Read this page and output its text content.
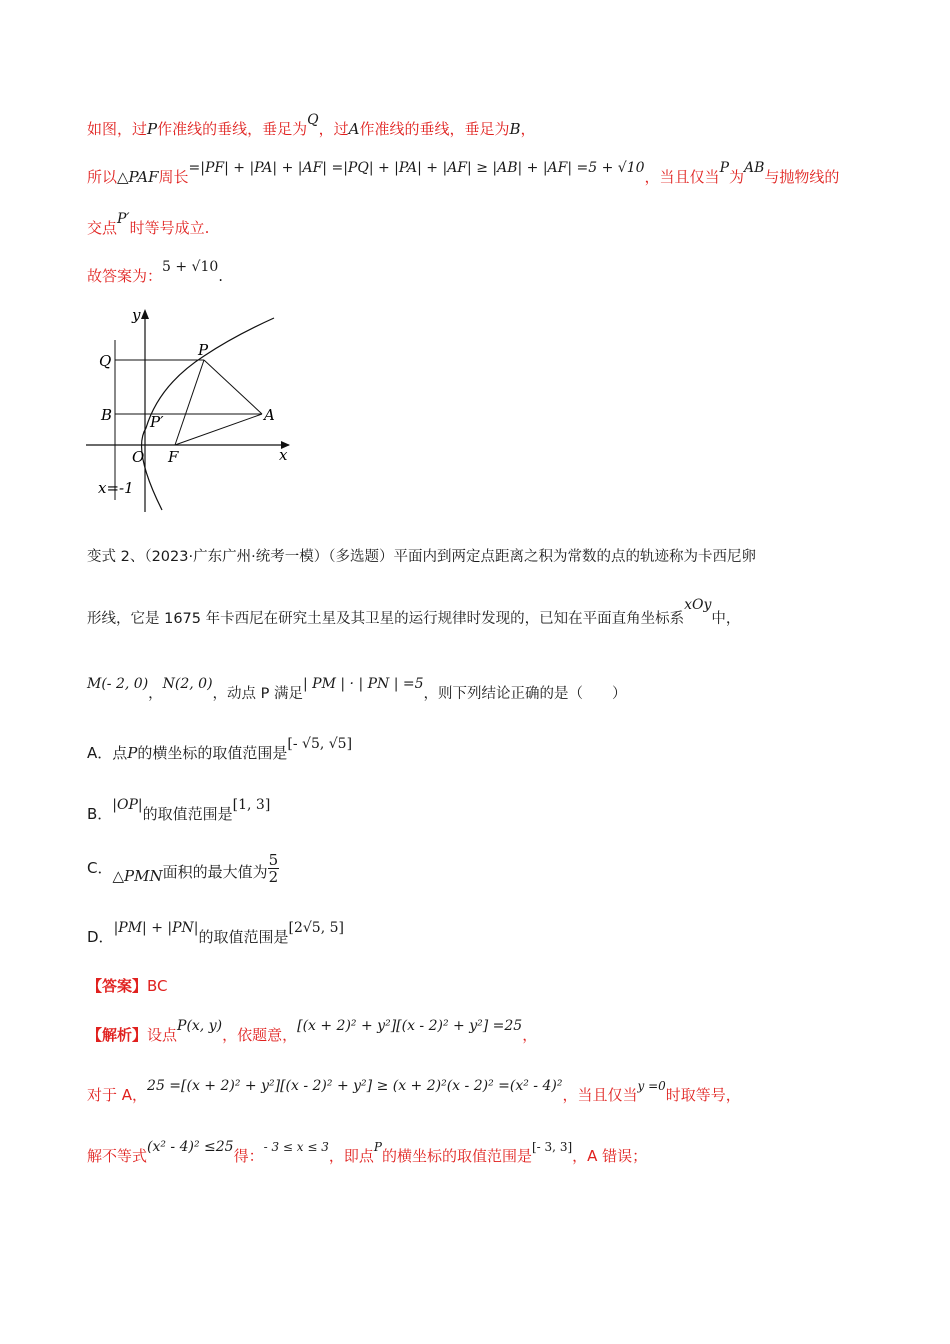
如图，过P作准线的垂线，垂足为Q，过A作准线的垂线，垂足为B，
所以△PAF周长=|PF| + |PA| + |AF| =|PQ| + |PA| + |AF| ≥ |AB| + |AF| =5 + √10，当且仅当P为AB与抛物线的
交点P′时等号成立.
故答案为：5 + √10.
y
x
O
Q
B
P
P′	A
F
x=-1
变式 2、（2023·广东广州·统考一模）（多选题）平面内到两定点距离之积为常数的点的轨迹称为卡西尼卵
形线，它是 1675 年卡西尼在研究土星及其卫星的运行规律时发现的，已知在平面直角坐标系xOy中，
M(- 2, 0)，N(2, 0)，动点 P 满足| PM | · | PN | =5，则下列结论正确的是（　　）
A．点P的横坐标的取值范围是[- √5, √5]
B．|OP|的取值范围是[1, 3]
C．△PMN面积的最大值为 $\frac{5}{2}$
D．|PM| + |PN|的取值范围是[2√5, 5]
【答案】BC
【解析】设点P(x, y)，依题意，[(x + 2)² + y²][(x - 2)² + y²] =25，
对于 A，25 =[(x + 2)² + y²][(x - 2)² + y²] ≥ (x + 2)²(x - 2)² =(x² - 4)²，当且仅当$^{y =0}$时取等号，
解不等式(x² - 4)² ≤25得：$^{- 3 \le x \le 3}$，即点$^P$的横坐标的取值范围是[- 3, 3]，A 错误；
